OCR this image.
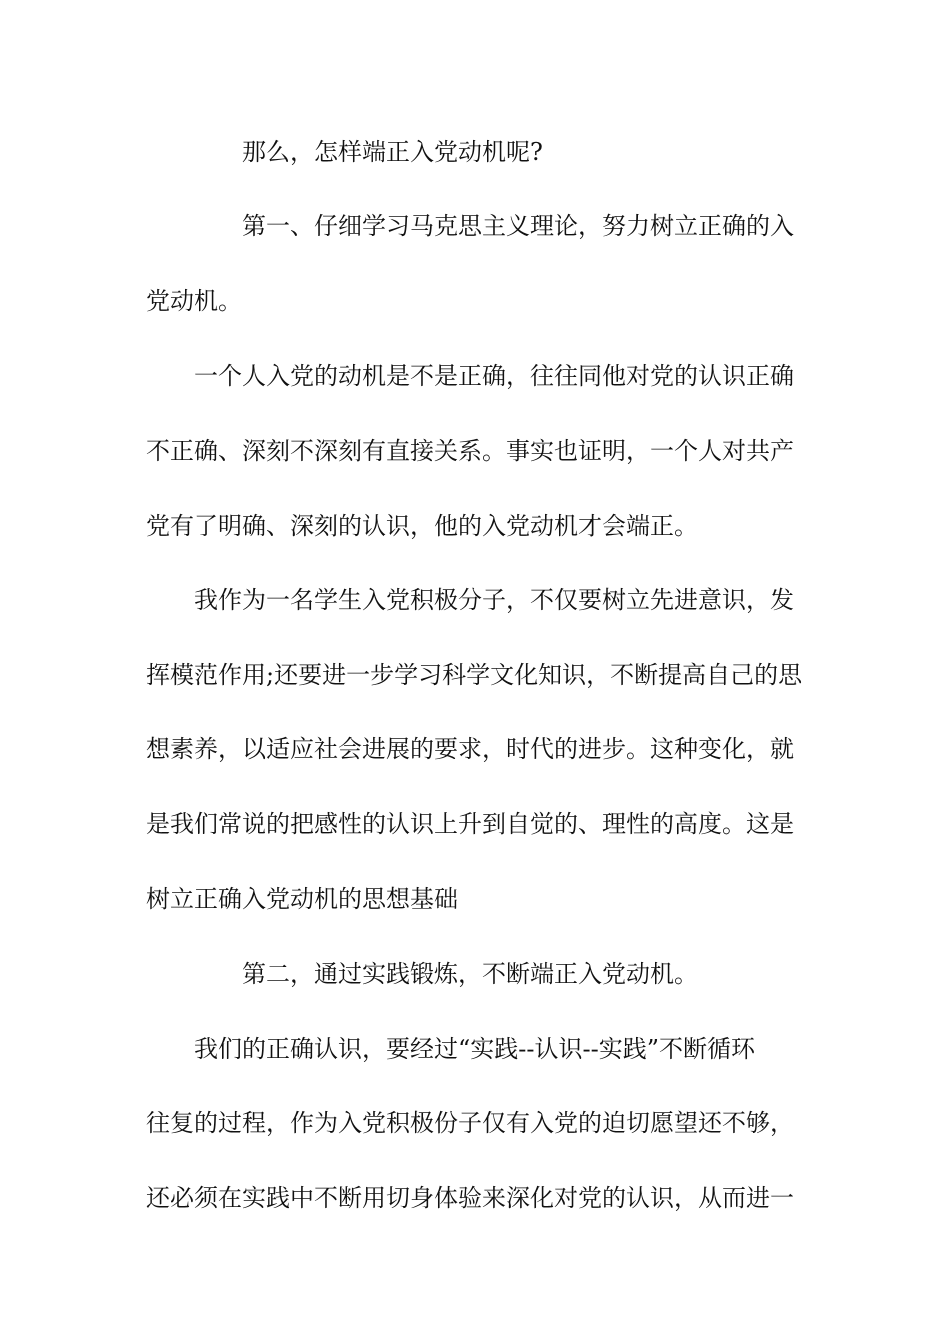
那么，怎样端正入党动机呢?

第一、仔细学习马克思主义理论，努力树立正确的入

党动机。

一个人入党的动机是不是正确，往往同他对党的认识正确

不正确、深刻不深刻有直接关系。事实也证明，一个人对共产

党有了明确、深刻的认识，他的入党动机才会端正。

我作为一名学生入党积极分子，不仅要树立先进意识，发

挥模范作用;还要进一步学习科学文化知识，不断提高自己的思

想素养，以适应社会进展的要求，时代的进步。这种变化，就

是我们常说的把感性的认识上升到自觉的、理性的高度。这是

树立正确入党动机的思想基础

第二，通过实践锻炼，不断端正入党动机。

我们的正确认识，要经过“实践--认识--实践”不断循环

往复的过程，作为入党积极份子仅有入党的迫切愿望还不够，

还必须在实践中不断用切身体验来深化对党的认识，从而进一
